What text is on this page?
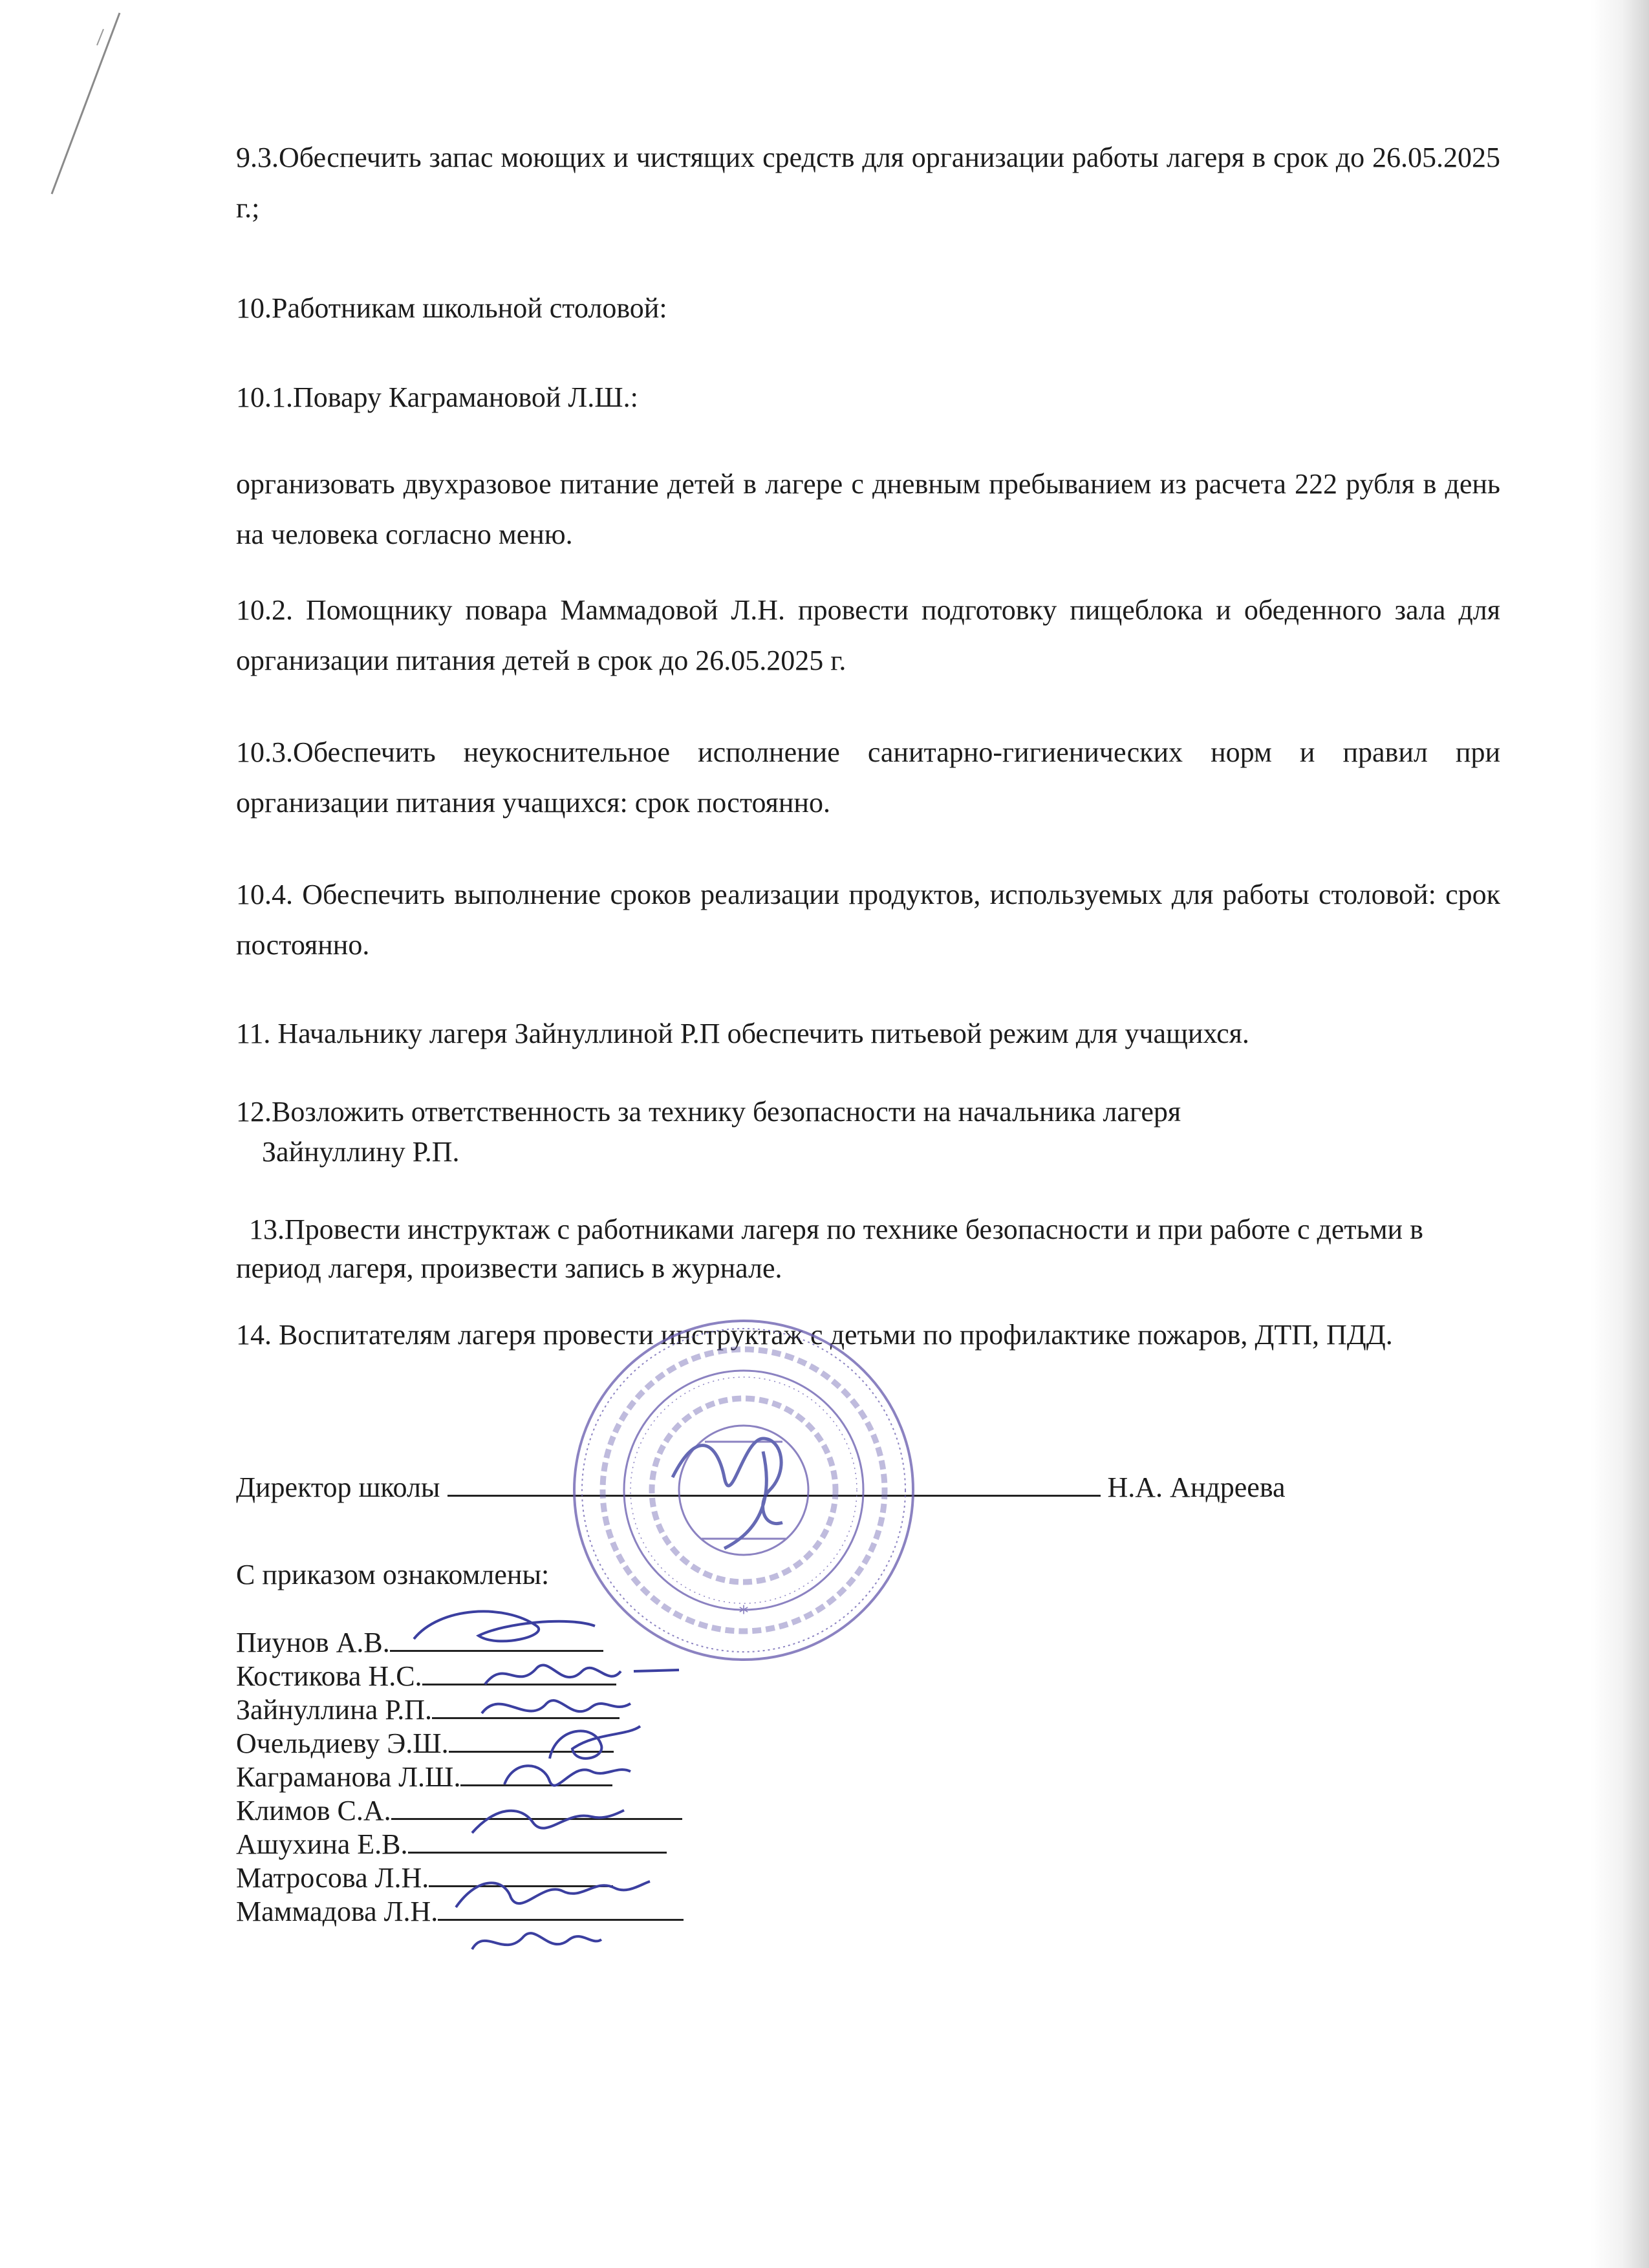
9.3.Обеспечить запас моющих и чистящих средств для организации работы лагеря в срок до 26.05.2025 г.;

10.Работникам школьной столовой:

10.1.Повару Каграмановой Л.Ш.:

организовать двухразовое питание детей в лагере с дневным пребыванием из расчета 222 рубля в день на человека согласно меню.

10.2. Помощнику повара Маммадовой Л.Н. провести подготовку пищеблока и обеденного зала для организации питания детей в срок до 26.05.2025 г.

10.3.Обеспечить неукоснительное исполнение санитарно-гигиенических норм и правил при организации питания учащихся: срок постоянно.

10.4. Обеспечить выполнение сроков реализации продуктов, используемых для работы столовой: срок постоянно.

11. Начальнику лагеря Зайнуллиной Р.П обеспечить питьевой режим для учащихся.

12.Возложить ответственность за технику безопасности на начальника лагеря

Зайнуллину Р.П.

13.Провести инструктаж с работниками лагеря по технике безопасности и при работе с детьми в период лагеря, произвести запись в журнале.

14. Воспитателям лагеря провести инструктаж с детьми по профилактике пожаров, ДТП, ПДД.

Директор школы	Н.А. Андреева
С приказом ознакомлены:
Пиунов А.В.
Костикова Н.С.
Зайнуллина Р.П.
Очельдиеву Э.Ш.
Каграманова Л.Ш.
Климов С.А.
Ашухина Е.В.
Матросова Л.Н.
Маммадова Л.Н.
*
